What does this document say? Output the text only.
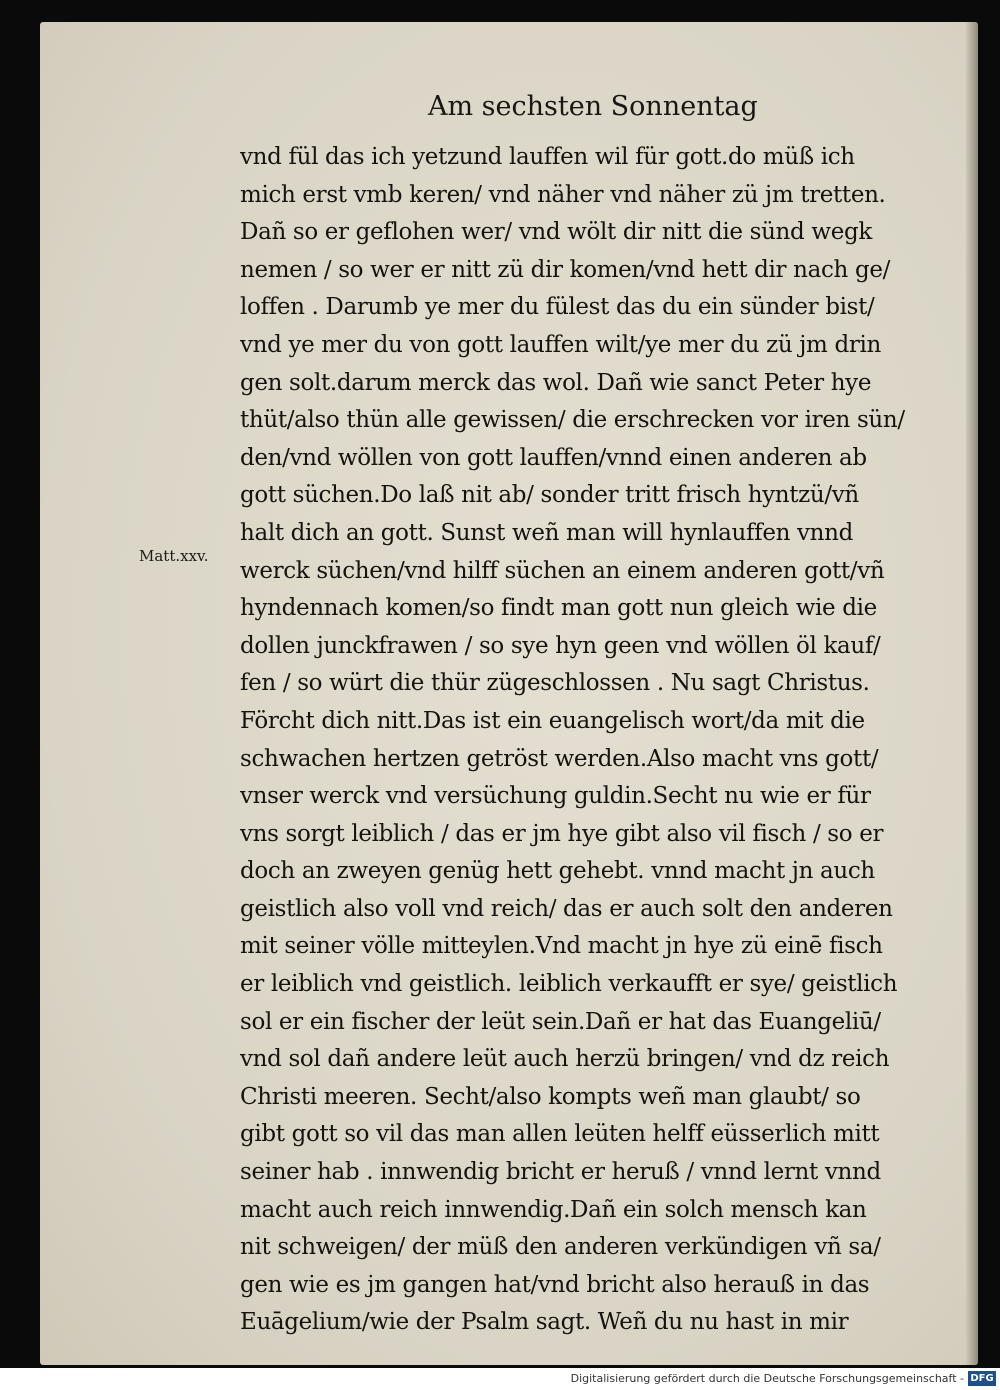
Am sechsten Sonnentag
Matt.xxv.
vnd fül das ich yetzund lauffen wil für gott.do müß ich
mich erst vmb keren/ vnd näher vnd näher zü jm tretten.
Dañ so er geflohen wer/ vnd wölt dir nitt die sünd wegk
nemen / so wer er nitt zü dir komen/vnd hett dir nach ge/
loffen . Darumb ye mer du fülest das du ein sünder bist/
vnd ye mer du von gott lauffen wilt/ye mer du zü jm drin
gen solt.darum merck das wol. Dañ wie sanct Peter hye
thüt/also thün alle gewissen/ die erschrecken vor iren sün/
den/vnd wöllen von gott lauffen/vnnd einen anderen ab
gott süchen.Do laß nit ab/ sonder tritt frisch hyntzü/vñ
halt dich an gott. Sunst weñ man will hynlauffen vnnd
werck süchen/vnd hilff süchen an einem anderen gott/vñ
hyndennach komen/so findt man gott nun gleich wie die
dollen junckfrawen / so sye hyn geen vnd wöllen öl kauf/
fen / so würt die thür zügeschlossen . Nu sagt Christus.
Förcht dich nitt.Das ist ein euangelisch wort/da mit die
schwachen hertzen getröst werden.Also macht vns gott/
vnser werck vnd versüchung guldin.Secht nu wie er für
vns sorgt leiblich / das er jm hye gibt also vil fisch / so er
doch an zweyen genüg hett gehebt. vnnd macht jn auch
geistlich also voll vnd reich/ das er auch solt den anderen
mit seiner völle mitteylen.Vnd macht jn hye zü einē fisch
er leiblich vnd geistlich. leiblich verkaufft er sye/ geistlich
sol er ein fischer der leüt sein.Dañ er hat das Euangeliū/
vnd sol dañ andere leüt auch herzü bringen/ vnd dz reich
Christi meeren. Secht/also kompts weñ man glaubt/ so
gibt gott so vil das man allen leüten helff eüsserlich mitt
seiner hab . innwendig bricht er heruß / vnnd lernt vnnd
macht auch reich innwendig.Dañ ein solch mensch kan
nit schweigen/ der müß den anderen verkündigen vñ sa/
gen wie es jm gangen hat/vnd bricht also herauß in das
Euāgelium/wie der Psalm sagt. Weñ du nu hast in mir
Digitalisierung gefördert durch die Deutsche Forschungsgemeinschaft - DFG
